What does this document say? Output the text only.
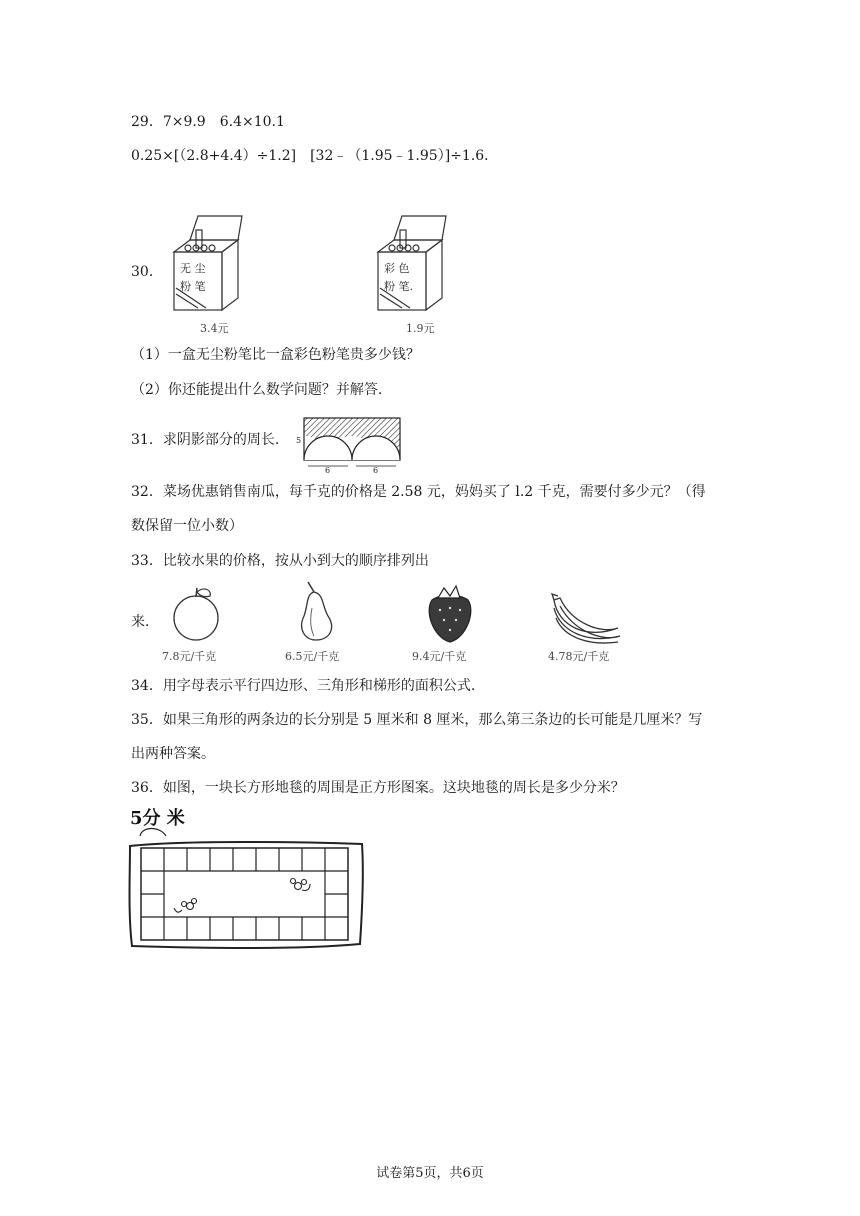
29．7×9.9　6.4×10.1
0.25×[（2.8+4.4）÷1.2]　[32﹣（1.95﹣1.95）]÷1.6．
30． 无 尘
粉 笔
3.4元
彩 色
粉 笔.
1.9元
（1）一盒无尘粉笔比一盒彩色粉笔贵多少钱？
（2）你还能提出什么数学问题？并解答.
31．求阴影部分的周长． 5
6	6
32．菜场优惠销售南瓜，每千克的价格是 2.58 元，妈妈买了 l.2 千克，需要付多少元？（得
数保留一位小数）
33．比较水果的价格，按从小到大的顺序排列出
来．
7.8元/千克	6.5元/千克	9.4元/千克	4.78元/千克
34．用字母表示平行四边形、三角形和梯形的面积公式.
35．如果三角形的两条边的长分别是 5 厘米和 8 厘米，那么第三条边的长可能是几厘米？写
出两种答案。
36．如图，一块长方形地毯的周围是正方形图案。这块地毯的周长是多少分米？
5分 米
试卷第5页，共6页
